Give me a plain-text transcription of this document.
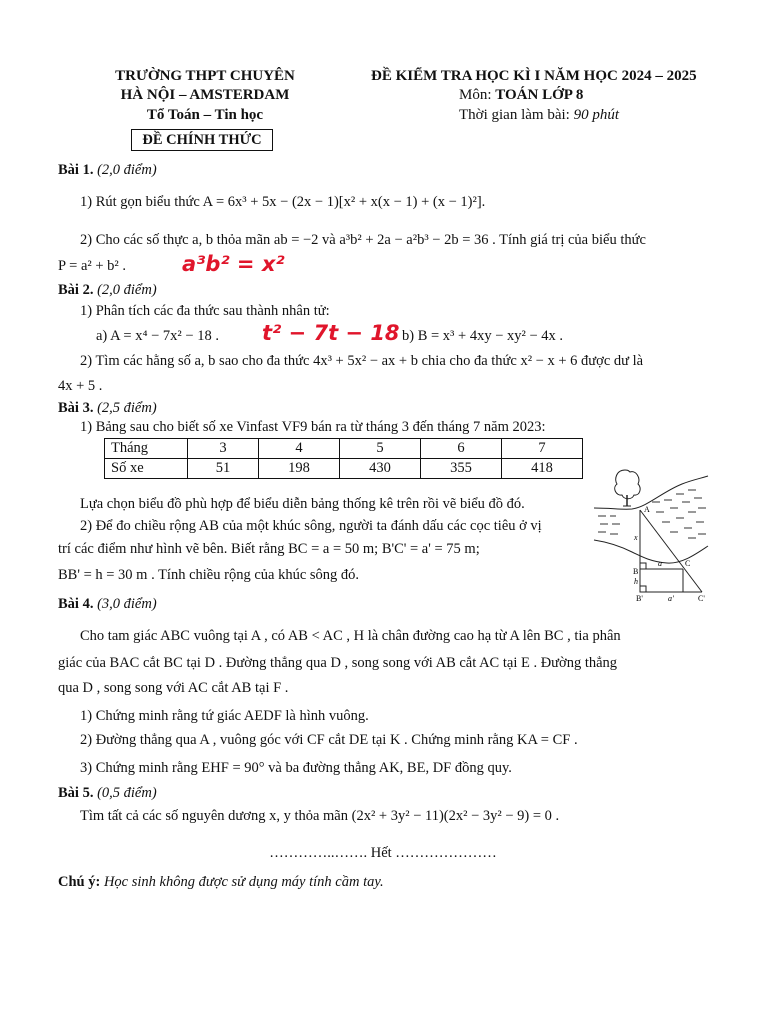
TRƯỜNG THPT CHUYÊN
HÀ NỘI – AMSTERDAM
Tổ Toán – Tin học
ĐỀ CHÍNH THỨC
ĐỀ KIỂM TRA HỌC KÌ I NĂM HỌC 2024 – 2025
Môn: TOÁN LỚP 8
Thời gian làm bài: 90 phút
Bài 1. (2,0 điểm)
1) Rút gọn biểu thức A = 6x³ + 5x − (2x − 1)[x² + x(x − 1) + (x − 1)²].
2) Cho các số thực a, b thỏa mãn ab = −2 và a³b² + 2a − a²b³ − 2b = 36 . Tính giá trị của biểu thức
P = a² + b² .	a³b² = x²
Bài 2. (2,0 điểm)
1) Phân tích các đa thức sau thành nhân tử:
a) A = x⁴ − 7x² − 18 . t² − 7t − 18 b) B = x³ + 4xy − xy² − 4x .
2) Tìm các hằng số a, b sao cho đa thức 4x³ + 5x² − ax + b chia cho đa thức x² − x + 6 được dư là
4x + 5 .
Bài 3. (2,5 điểm)
1) Bảng sau cho biết số xe Vinfast VF9 bán ra từ tháng 3 đến tháng 7 năm 2023:
Tháng	3	4	5	6	7
Số xe	51	198	430	355	418
Lựa chọn biểu đồ phù hợp để biểu diễn bảng thống kê trên rồi vẽ biểu đồ đó.
2) Để đo chiều rộng AB của một khúc sông, người ta đánh dấu các cọc tiêu ở vị
trí các điểm như hình vẽ bên. Biết rằng BC = a = 50 m; B'C' = a' = 75 m;
BB' = h = 30 m . Tính chiều rộng của khúc sông đó.
A
x
B
h
a	C
B'	a'	C'
Bài 4. (3,0 điểm)
Cho tam giác ABC vuông tại A , có AB < AC , H là chân đường cao hạ từ A lên BC , tia phân
giác của BAC cắt BC tại D . Đường thẳng qua D , song song với AB cắt AC tại E . Đường thẳng
qua D , song song với AC cắt AB tại F .
1) Chứng minh rằng tứ giác AEDF là hình vuông.
2) Đường thẳng qua A , vuông góc với CF cắt DE tại K . Chứng minh rằng KA = CF .
3) Chứng minh rằng EHF = 90° và ba đường thẳng AK, BE, DF đồng quy.
Bài 5. (0,5 điểm)
Tìm tất cả các số nguyên dương x, y thỏa mãn (2x² + 3y² − 11)(2x² − 3y² − 9) = 0 .
…………..……. Hết …………………
Chú ý: Học sinh không được sử dụng máy tính cầm tay.
